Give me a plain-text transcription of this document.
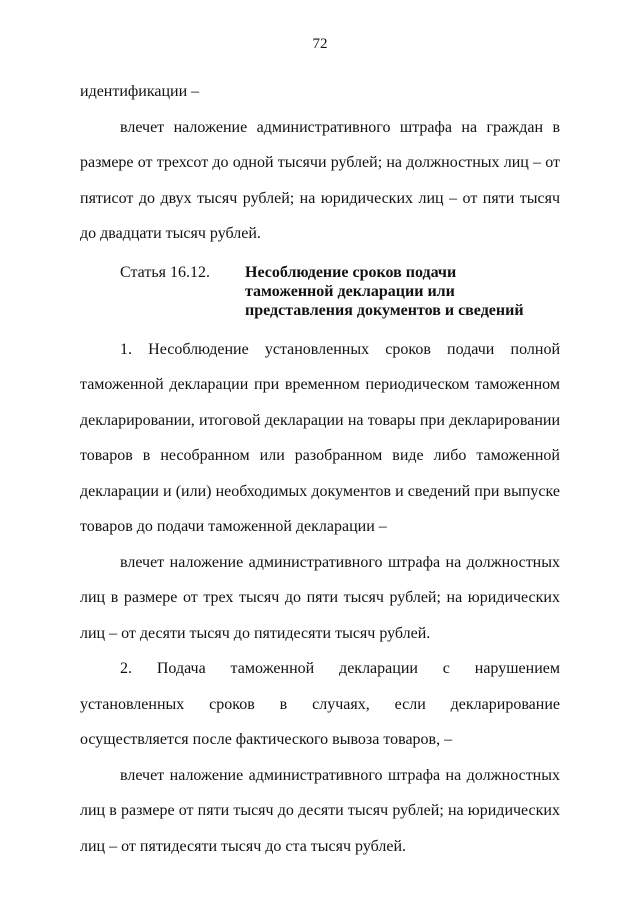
72

идентификации –

влечет наложение административного штрафа на граждан в размере от трехсот до одной тысячи рублей; на должностных лиц – от пятисот до двух тысяч рублей; на юридических лиц – от пяти тысяч до двадцати тысяч рублей.

Статья 16.12.	Несоблюдение сроков подачи таможенной декларации или представления документов и сведений

1. Несоблюдение установленных сроков подачи полной таможенной декларации при временном периодическом таможенном декларировании, итоговой декларации на товары при декларировании товаров в несобранном или разобранном виде либо таможенной декларации и (или) необходимых документов и сведений при выпуске товаров до подачи таможенной декларации –

влечет наложение административного штрафа на должностных лиц в размере от трех тысяч до пяти тысяч рублей; на юридических лиц – от десяти тысяч до пятидесяти тысяч рублей.

2. Подача таможенной декларации с нарушением установленных сроков в случаях, если декларирование осуществляется после фактического вывоза товаров, –

влечет наложение административного штрафа на должностных лиц в размере от пяти тысяч до десяти тысяч рублей; на юридических лиц – от пятидесяти тысяч до ста тысяч рублей.
